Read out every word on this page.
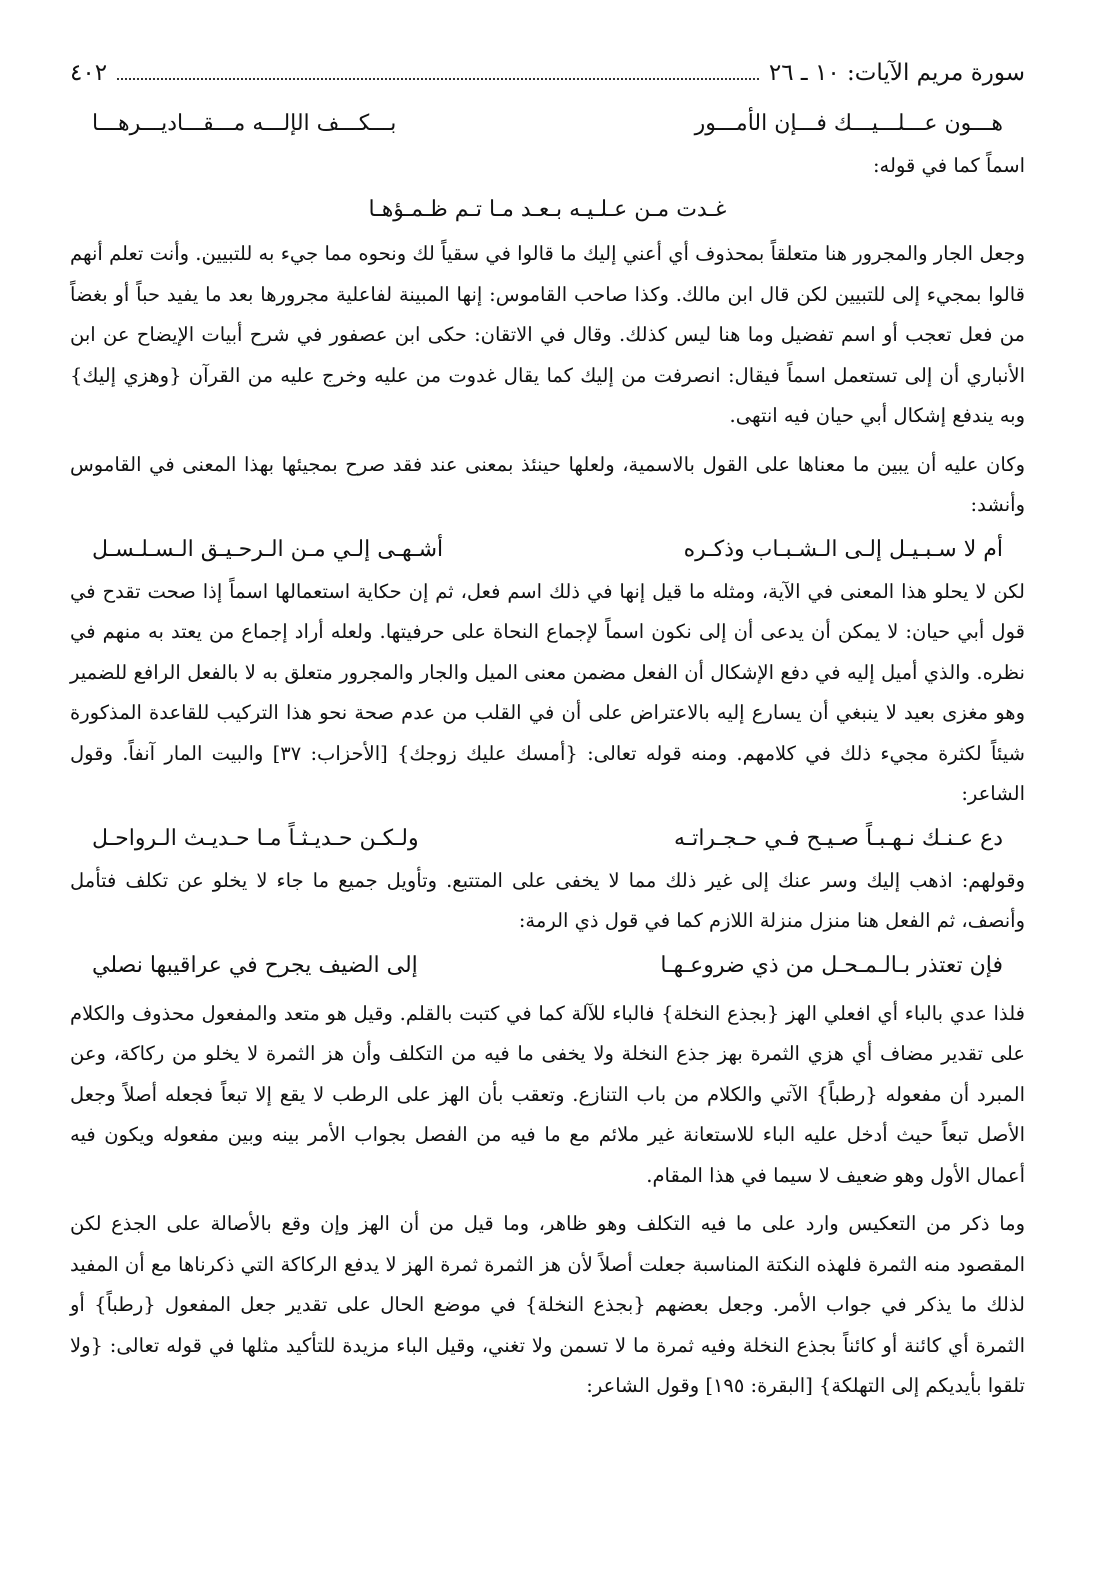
سورة مريم الآيات: ١٠ ـ ٢٦
٤٠٢
هـــون عـــلـــيـــك فـــإن الأمـــور
بـــكـــف الإلـــه مـــقـــاديـــرهـــا

اسماً كما في قوله:

غـدت مـن عـلـيـه بـعـد مـا تـم ظـمـؤهـا

وجعل الجار والمجرور هنا متعلقاً بمحذوف أي أعني إليك ما قالوا في سقياً لك ونحوه مما جيء به للتبيين. وأنت تعلم أنهم قالوا بمجيء إلى للتبيين لكن قال ابن مالك. وكذا صاحب القاموس: إنها المبينة لفاعلية مجرورها بعد ما يفيد حباً أو بغضاً من فعل تعجب أو اسم تفضيل وما هنا ليس كذلك. وقال في الاتقان: حكى ابن عصفور في شرح أبيات الإيضاح عن ابن الأنباري أن إلى تستعمل اسماً فيقال: انصرفت من إليك كما يقال غدوت من عليه وخرج عليه من القرآن {وهزي إليك} وبه يندفع إشكال أبي حيان فيه انتهى.

وكان عليه أن يبين ما معناها على القول بالاسمية، ولعلها حينئذ بمعنى عند فقد صرح بمجيئها بهذا المعنى في القاموس وأنشد:

أم لا سـبـيـل إلـى الـشـبـاب وذكـره
أشـهـى إلـي مـن الـرحـيـق الـسـلـسـل

لكن لا يحلو هذا المعنى في الآية، ومثله ما قيل إنها في ذلك اسم فعل، ثم إن حكاية استعمالها اسماً إذا صحت تقدح في قول أبي حيان: لا يمكن أن يدعى أن إلى نكون اسماً لإجماع النحاة على حرفيتها. ولعله أراد إجماع من يعتد به منهم في نظره. والذي أميل إليه في دفع الإشكال أن الفعل مضمن معنى الميل والجار والمجرور متعلق به لا بالفعل الرافع للضمير وهو مغزى بعيد لا ينبغي أن يسارع إليه بالاعتراض على أن في القلب من عدم صحة نحو هذا التركيب للقاعدة المذكورة شيئاً لكثرة مجيء ذلك في كلامهم. ومنه قوله تعالى: {أمسك عليك زوجك} [الأحزاب: ٣٧] والبيت المار آنفاً. وقول الشاعر:

دع عـنـك نـهـبـاً صـيـح فـي حـجـراتـه
ولـكـن حـديـثـاً مـا حـديـث الـرواحـل

وقولهم: اذهب إليك وسر عنك إلى غير ذلك مما لا يخفى على المتتبع. وتأويل جميع ما جاء لا يخلو عن تكلف فتأمل وأنصف، ثم الفعل هنا منزل منزلة اللازم كما في قول ذي الرمة:

فإن تعتذر بـالـمـحـل من ذي ضروعـهـا
إلى الضيف يجرح في عراقيبها نصلي

فلذا عدي بالباء أي افعلي الهز {بجذع النخلة} فالباء للآلة كما في كتبت بالقلم. وقيل هو متعد والمفعول محذوف والكلام على تقدير مضاف أي هزي الثمرة بهز جذع النخلة ولا يخفى ما فيه من التكلف وأن هز الثمرة لا يخلو من ركاكة، وعن المبرد أن مفعوله {رطباً} الآتي والكلام من باب التنازع. وتعقب بأن الهز على الرطب لا يقع إلا تبعاً فجعله أصلاً وجعل الأصل تبعاً حيث أدخل عليه الباء للاستعانة غير ملائم مع ما فيه من الفصل بجواب الأمر بينه وبين مفعوله ويكون فيه أعمال الأول وهو ضعيف لا سيما في هذا المقام.

وما ذكر من التعكيس وارد على ما فيه التكلف وهو ظاهر، وما قيل من أن الهز وإن وقع بالأصالة على الجذع لكن المقصود منه الثمرة فلهذه النكتة المناسبة جعلت أصلاً لأن هز الثمرة ثمرة الهز لا يدفع الركاكة التي ذكرناها مع أن المفيد لذلك ما يذكر في جواب الأمر. وجعل بعضهم {بجذع النخلة} في موضع الحال على تقدير جعل المفعول {رطباً} أو الثمرة أي كائنة أو كائناً بجذع النخلة وفيه ثمرة ما لا تسمن ولا تغني، وقيل الباء مزيدة للتأكيد مثلها في قوله تعالى: {ولا تلقوا بأيديكم إلى التهلكة} [البقرة: ١٩٥] وقول الشاعر:
